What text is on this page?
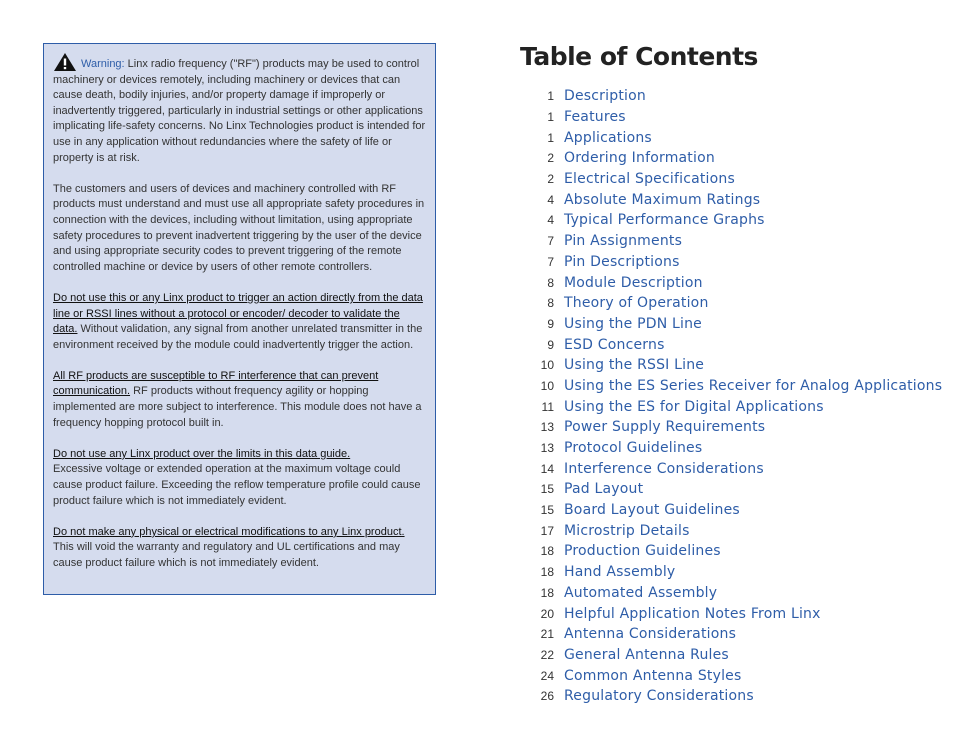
Warning: Linx radio frequency ("RF") products may be used to control machinery or devices remotely, including machinery or devices that can cause death, bodily injuries, and/or property damage if improperly or inadvertently triggered, particularly in industrial settings or other applications implicating life-safety concerns. No Linx Technologies product is intended for use in any application without redundancies where the safety of life or property is at risk.

The customers and users of devices and machinery controlled with RF products must understand and must use all appropriate safety procedures in connection with the devices, including without limitation, using appropriate safety procedures to prevent inadvertent triggering by the user of the device and using appropriate security codes to prevent triggering of the remote controlled machine or device by users of other remote controllers.

Do not use this or any Linx product to trigger an action directly from the data line or RSSI lines without a protocol or encoder/ decoder to validate the data. Without validation, any signal from another unrelated transmitter in the environment received by the module could inadvertently trigger the action.

All RF products are susceptible to RF interference that can prevent communication. RF products without frequency agility or hopping implemented are more subject to interference. This module does not have a frequency hopping protocol built in.

Do not use any Linx product over the limits in this data guide.
Excessive voltage or extended operation at the maximum voltage could cause product failure. Exceeding the reflow temperature profile could cause product failure which is not immediately evident.

Do not make any physical or electrical modifications to any Linx product. This will void the warranty and regulatory and UL certifications and may cause product failure which is not immediately evident.

Table of Contents
1 Description
1 Features
1 Applications
2 Ordering Information
2 Electrical Specifications
4 Absolute Maximum Ratings
4 Typical Performance Graphs
7 Pin Assignments
7 Pin Descriptions
8 Module Description
8 Theory of Operation
9 Using the PDN Line
9 ESD Concerns
10 Using the RSSI Line
10 Using the ES Series Receiver for Analog Applications
11 Using the ES for Digital Applications
13 Power Supply Requirements
13 Protocol Guidelines
14 Interference Considerations
15 Pad Layout
15 Board Layout Guidelines
17 Microstrip Details
18 Production Guidelines
18 Hand Assembly
18 Automated Assembly
20 Helpful Application Notes From Linx
21 Antenna Considerations
22 General Antenna Rules
24 Common Antenna Styles
26 Regulatory Considerations
